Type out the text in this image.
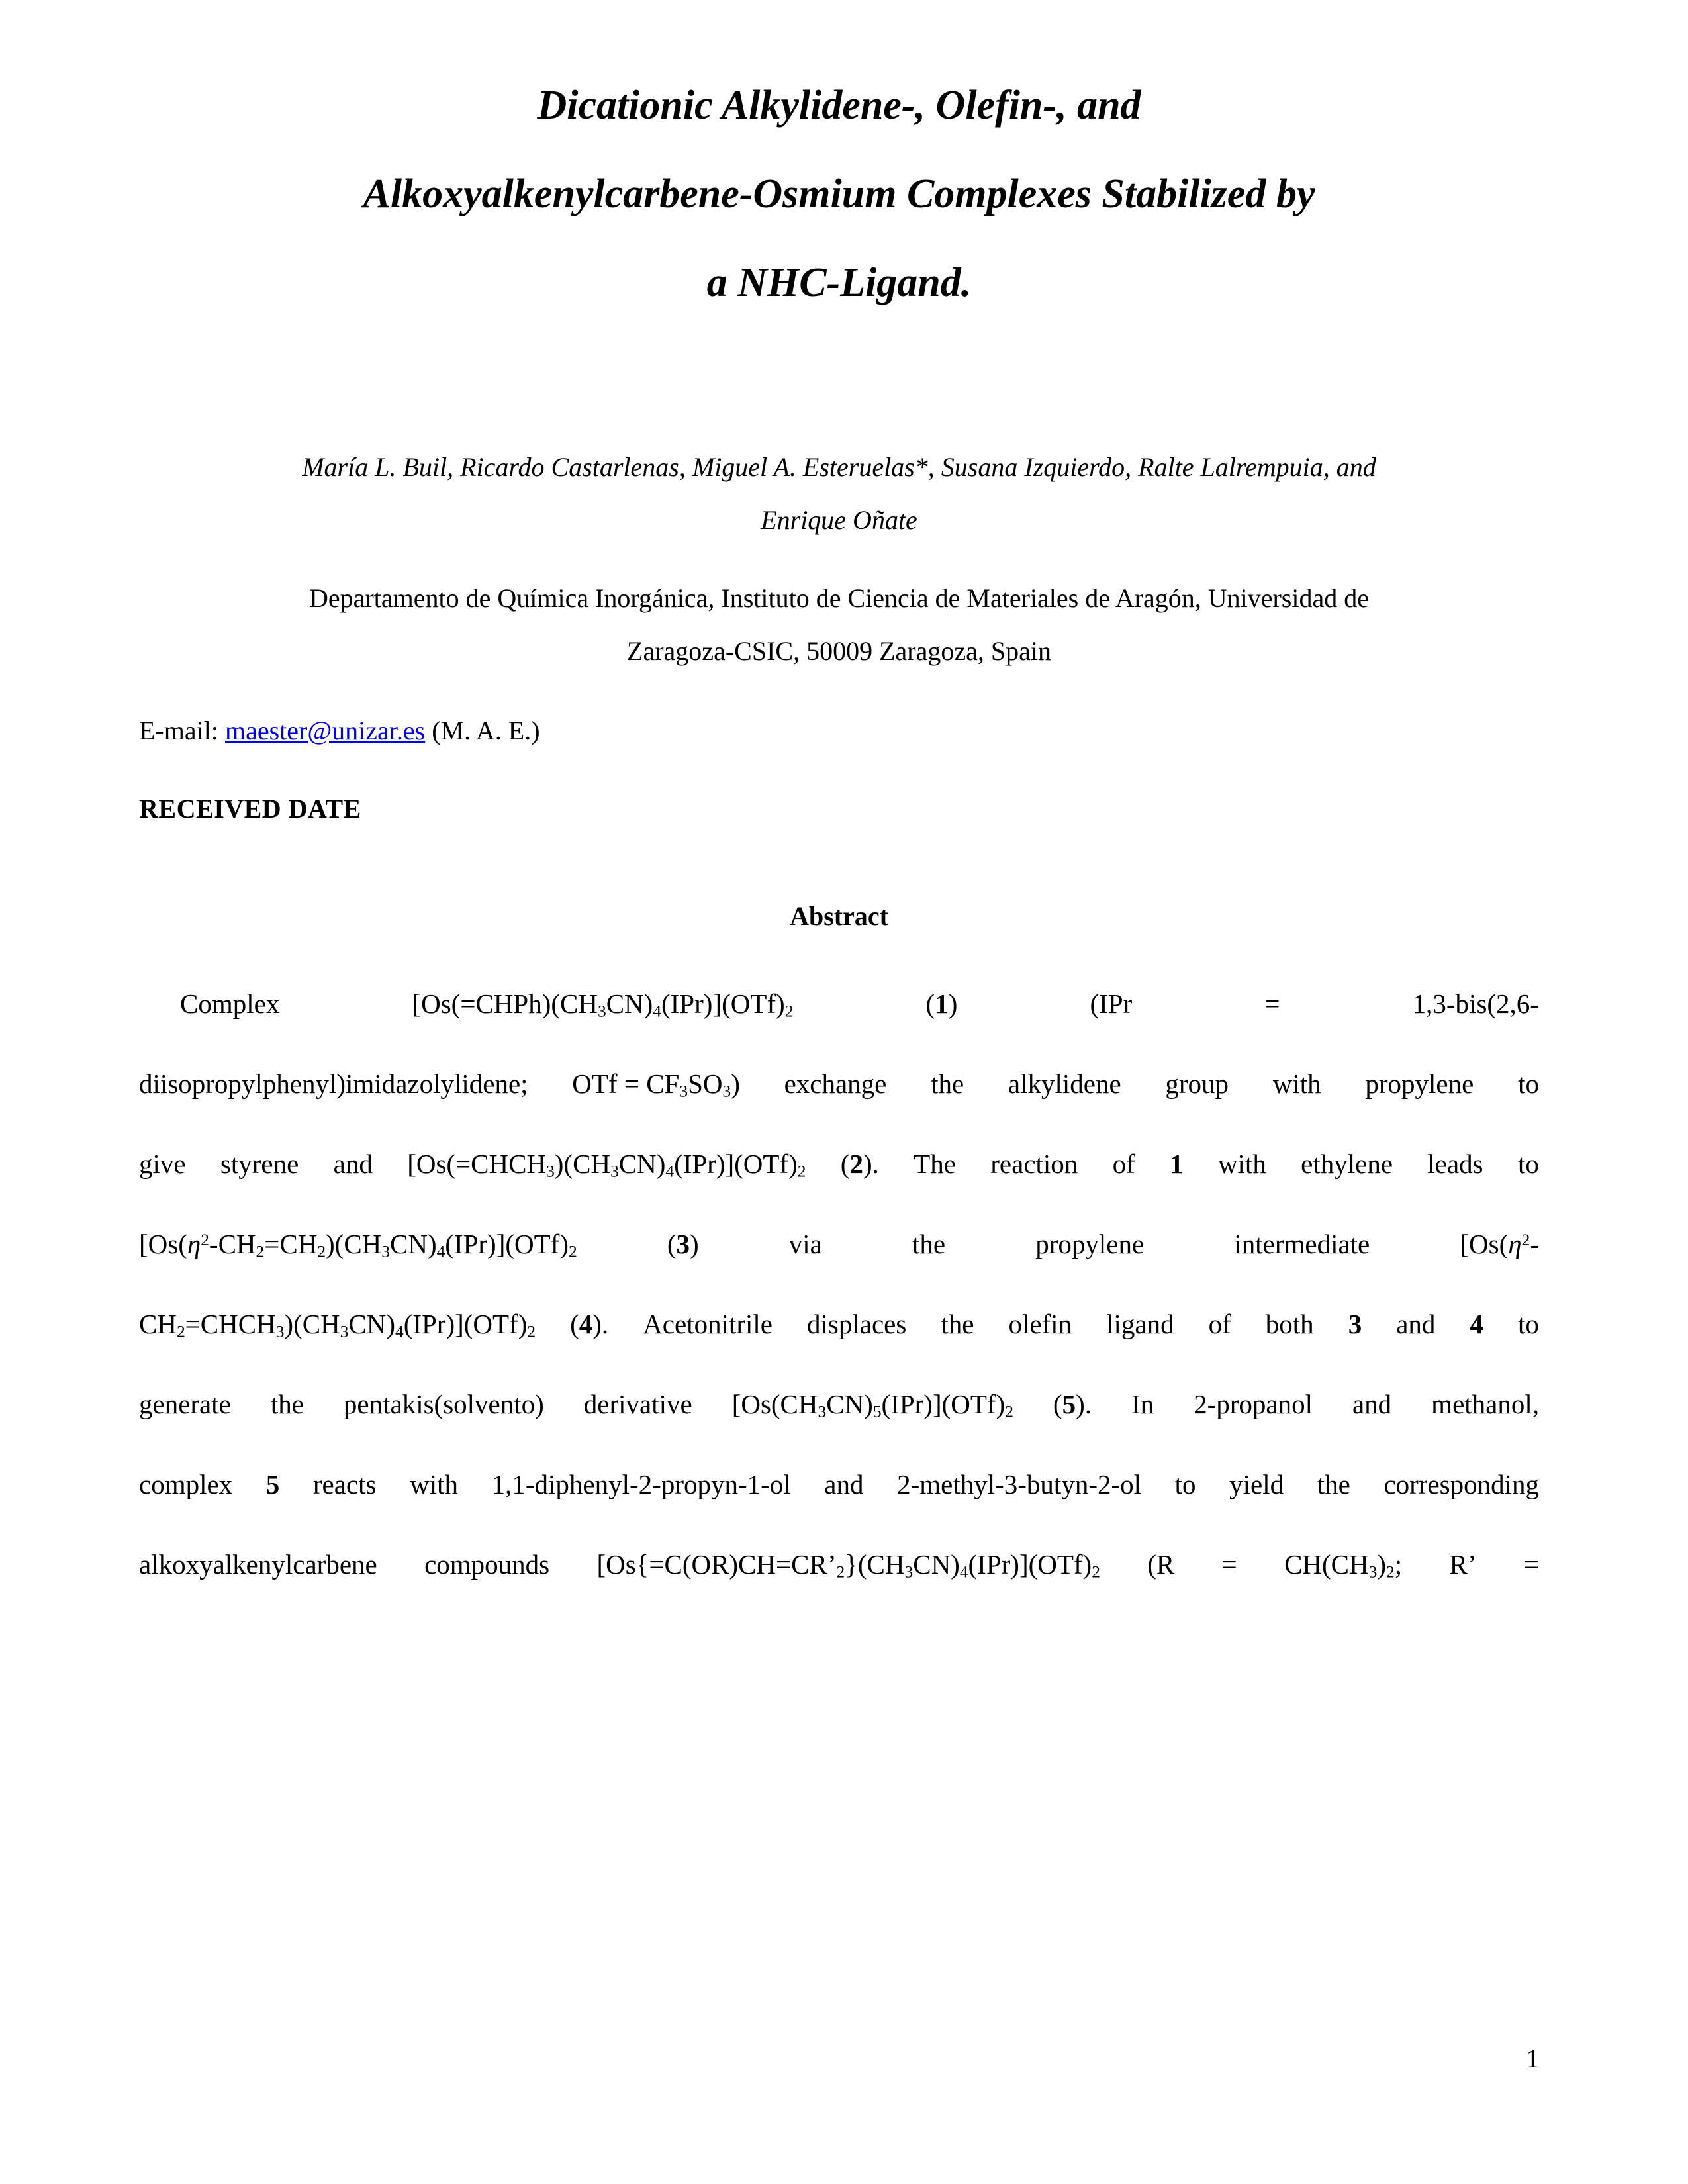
Dicationic Alkylidene-, Olefin-, and
Alkoxyalkenylcarbene-Osmium Complexes Stabilized by
a NHC-Ligand.
María L. Buil, Ricardo Castarlenas, Miguel A. Esteruelas*, Susana Izquierdo, Ralte Lalrempuia, and
Enrique Oñate
Departamento de Química Inorgánica, Instituto de Ciencia de Materiales de Aragón, Universidad de
Zaragoza-CSIC, 50009 Zaragoza, Spain
E-mail: maester@unizar.es (M. A. E.)
RECEIVED DATE
Abstract
Complex	$[Os(=CHPh)(CH_3CN)_4(IPr)](OTf)_2$	(1)	(IPr	=	1,3-bis(2,6-
diisopropylphenyl)imidazolylidene; OTf = $CF_3SO_3$) exchange the alkylidene group with propylene to
give styrene and $[Os(=CHCH_3)(CH_3CN)_4(IPr)](OTf)_2$ (2). The reaction of 1 with ethylene leads to
$[Os(\eta^2-CH_2=CH_2)(CH_3CN)_4(IPr)](OTf)_2$	(3)	via	the	propylene	intermediate	[$Os(\eta^2-$
$CH_2=CHCH_3)(CH_3CN)_4(IPr)](OTf)_2$ (4). Acetonitrile displaces the olefin ligand of both 3 and 4 to
generate the pentakis(solvento) derivative $[Os(CH_3CN)_5(IPr)](OTf)_2$ (5). In 2-propanol and methanol,
complex 5 reacts with 1,1-diphenyl-2-propyn-1-ol and 2-methyl-3-butyn-2-ol to yield the corresponding
alkoxyalkenylcarbene compounds $[Os\{=C(OR)CH=CR’_2\}(CH_3CN)_4(IPr)](OTf)_2$ ($R = CH(CH_3)_2$; R’ =
1
